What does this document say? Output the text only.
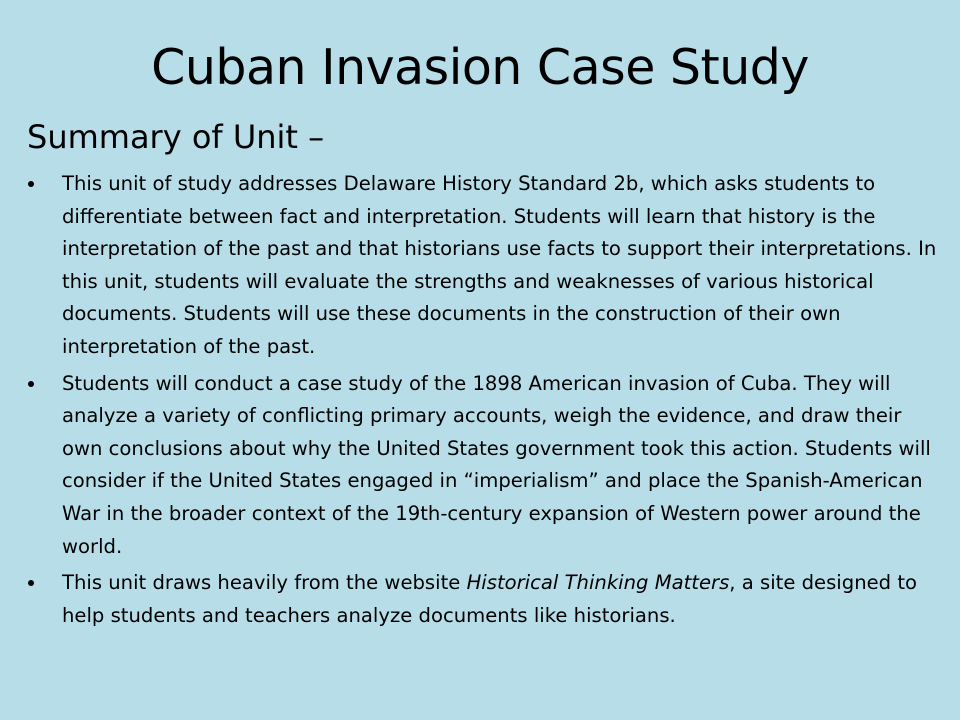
Cuban Invasion Case Study
Summary of Unit –
This unit of study addresses Delaware History Standard 2b, which asks students to differentiate between fact and interpretation. Students will learn that history is the interpretation of the past and that historians use facts to support their interpretations. In this unit, students will evaluate the strengths and weaknesses of various historical documents. Students will use these documents in the construction of their own interpretation of the past.
Students will conduct a case study of the 1898 American invasion of Cuba. They will analyze a variety of conflicting primary accounts, weigh the evidence, and draw their own conclusions about why the United States government took this action. Students will consider if the United States engaged in “imperialism” and place the Spanish-American War in the broader context of the 19th-century expansion of Western power around the world.
This unit draws heavily from the website Historical Thinking Matters, a site designed to help students and teachers analyze documents like historians.
